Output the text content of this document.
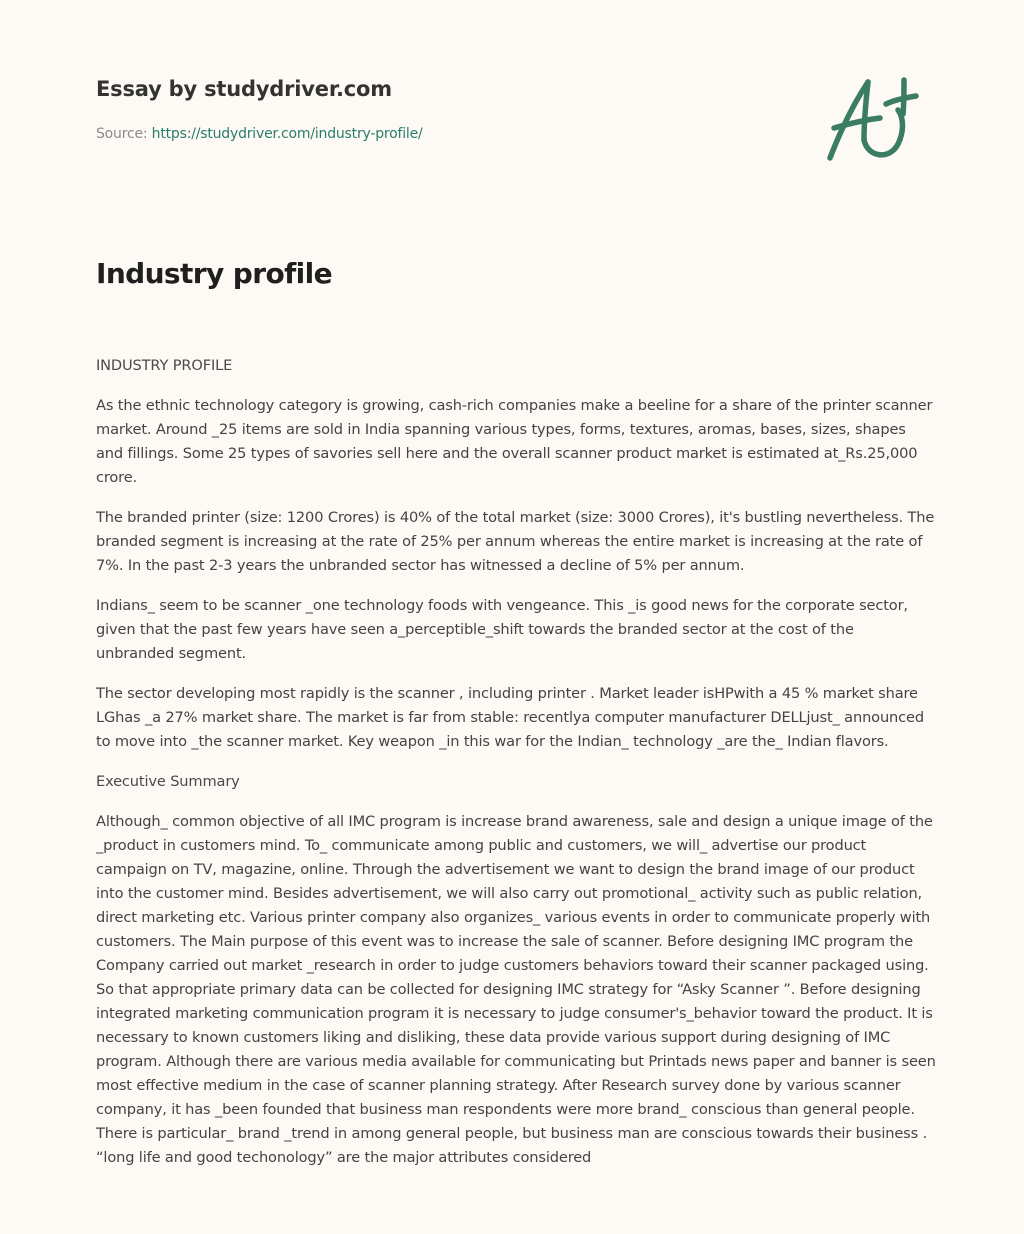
Essay by studydriver.com
Source: https://studydriver.com/industry-profile/
Industry profile

INDUSTRY PROFILE

As the ethnic technology category is growing, cash-rich companies make a beeline for a share of the printer scanner market. Around _25 items are sold in India spanning various types, forms, textures, aromas, bases, sizes, shapes and fillings. Some 25 types of savories sell here and the overall scanner product market is estimated at_Rs.25,000 crore.

The branded printer (size: 1200 Crores) is 40% of the total market (size: 3000 Crores), it's bustling nevertheless. The branded segment is increasing at the rate of 25% per annum whereas the entire market is increasing at the rate of 7%. In the past 2-3 years the unbranded sector has witnessed a decline of 5% per annum.

Indians_ seem to be scanner _one technology foods with vengeance. This _is good news for the corporate sector, given that the past few years have seen a_perceptible_shift towards the branded sector at the cost of the unbranded segment.

The sector developing most rapidly is the scanner , including printer . Market leader isHPwith a 45 % market share LGhas _a 27% market share. The market is far from stable: recentlya computer manufacturer DELLjust_ announced to move into _the scanner market. Key weapon _in this war for the Indian_ technology _are the_ Indian flavors.

Executive Summary

Although_ common objective of all IMC program is increase brand awareness, sale and design a unique image of the _product in customers mind. To_ communicate among public and customers, we will_ advertise our product campaign on TV, magazine, online. Through the advertisement we want to design the brand image of our product into the customer mind. Besides advertisement, we will also carry out promotional_ activity such as public relation, direct marketing etc. Various printer company also organizes_ various events in order to communicate properly with customers. The Main purpose of this event was to increase the sale of scanner. Before designing IMC program the Company carried out market _research in order to judge customers behaviors toward their scanner packaged using. So that appropriate primary data can be collected for designing IMC strategy for “Asky Scanner ”. Before designing integrated marketing communication program it is necessary to judge consumer's_behavior toward the product. It is necessary to known customers liking and disliking, these data provide various support during designing of IMC program. Although there are various media available for communicating but Printads news paper and banner is seen most effective medium in the case of scanner planning strategy. After Research survey done by various scanner company, it has _been founded that business man respondents were more brand_ conscious than general people. There is particular_ brand _trend in among general people, but business man are conscious towards their business . “long life and good techonology” are the major attributes considered
